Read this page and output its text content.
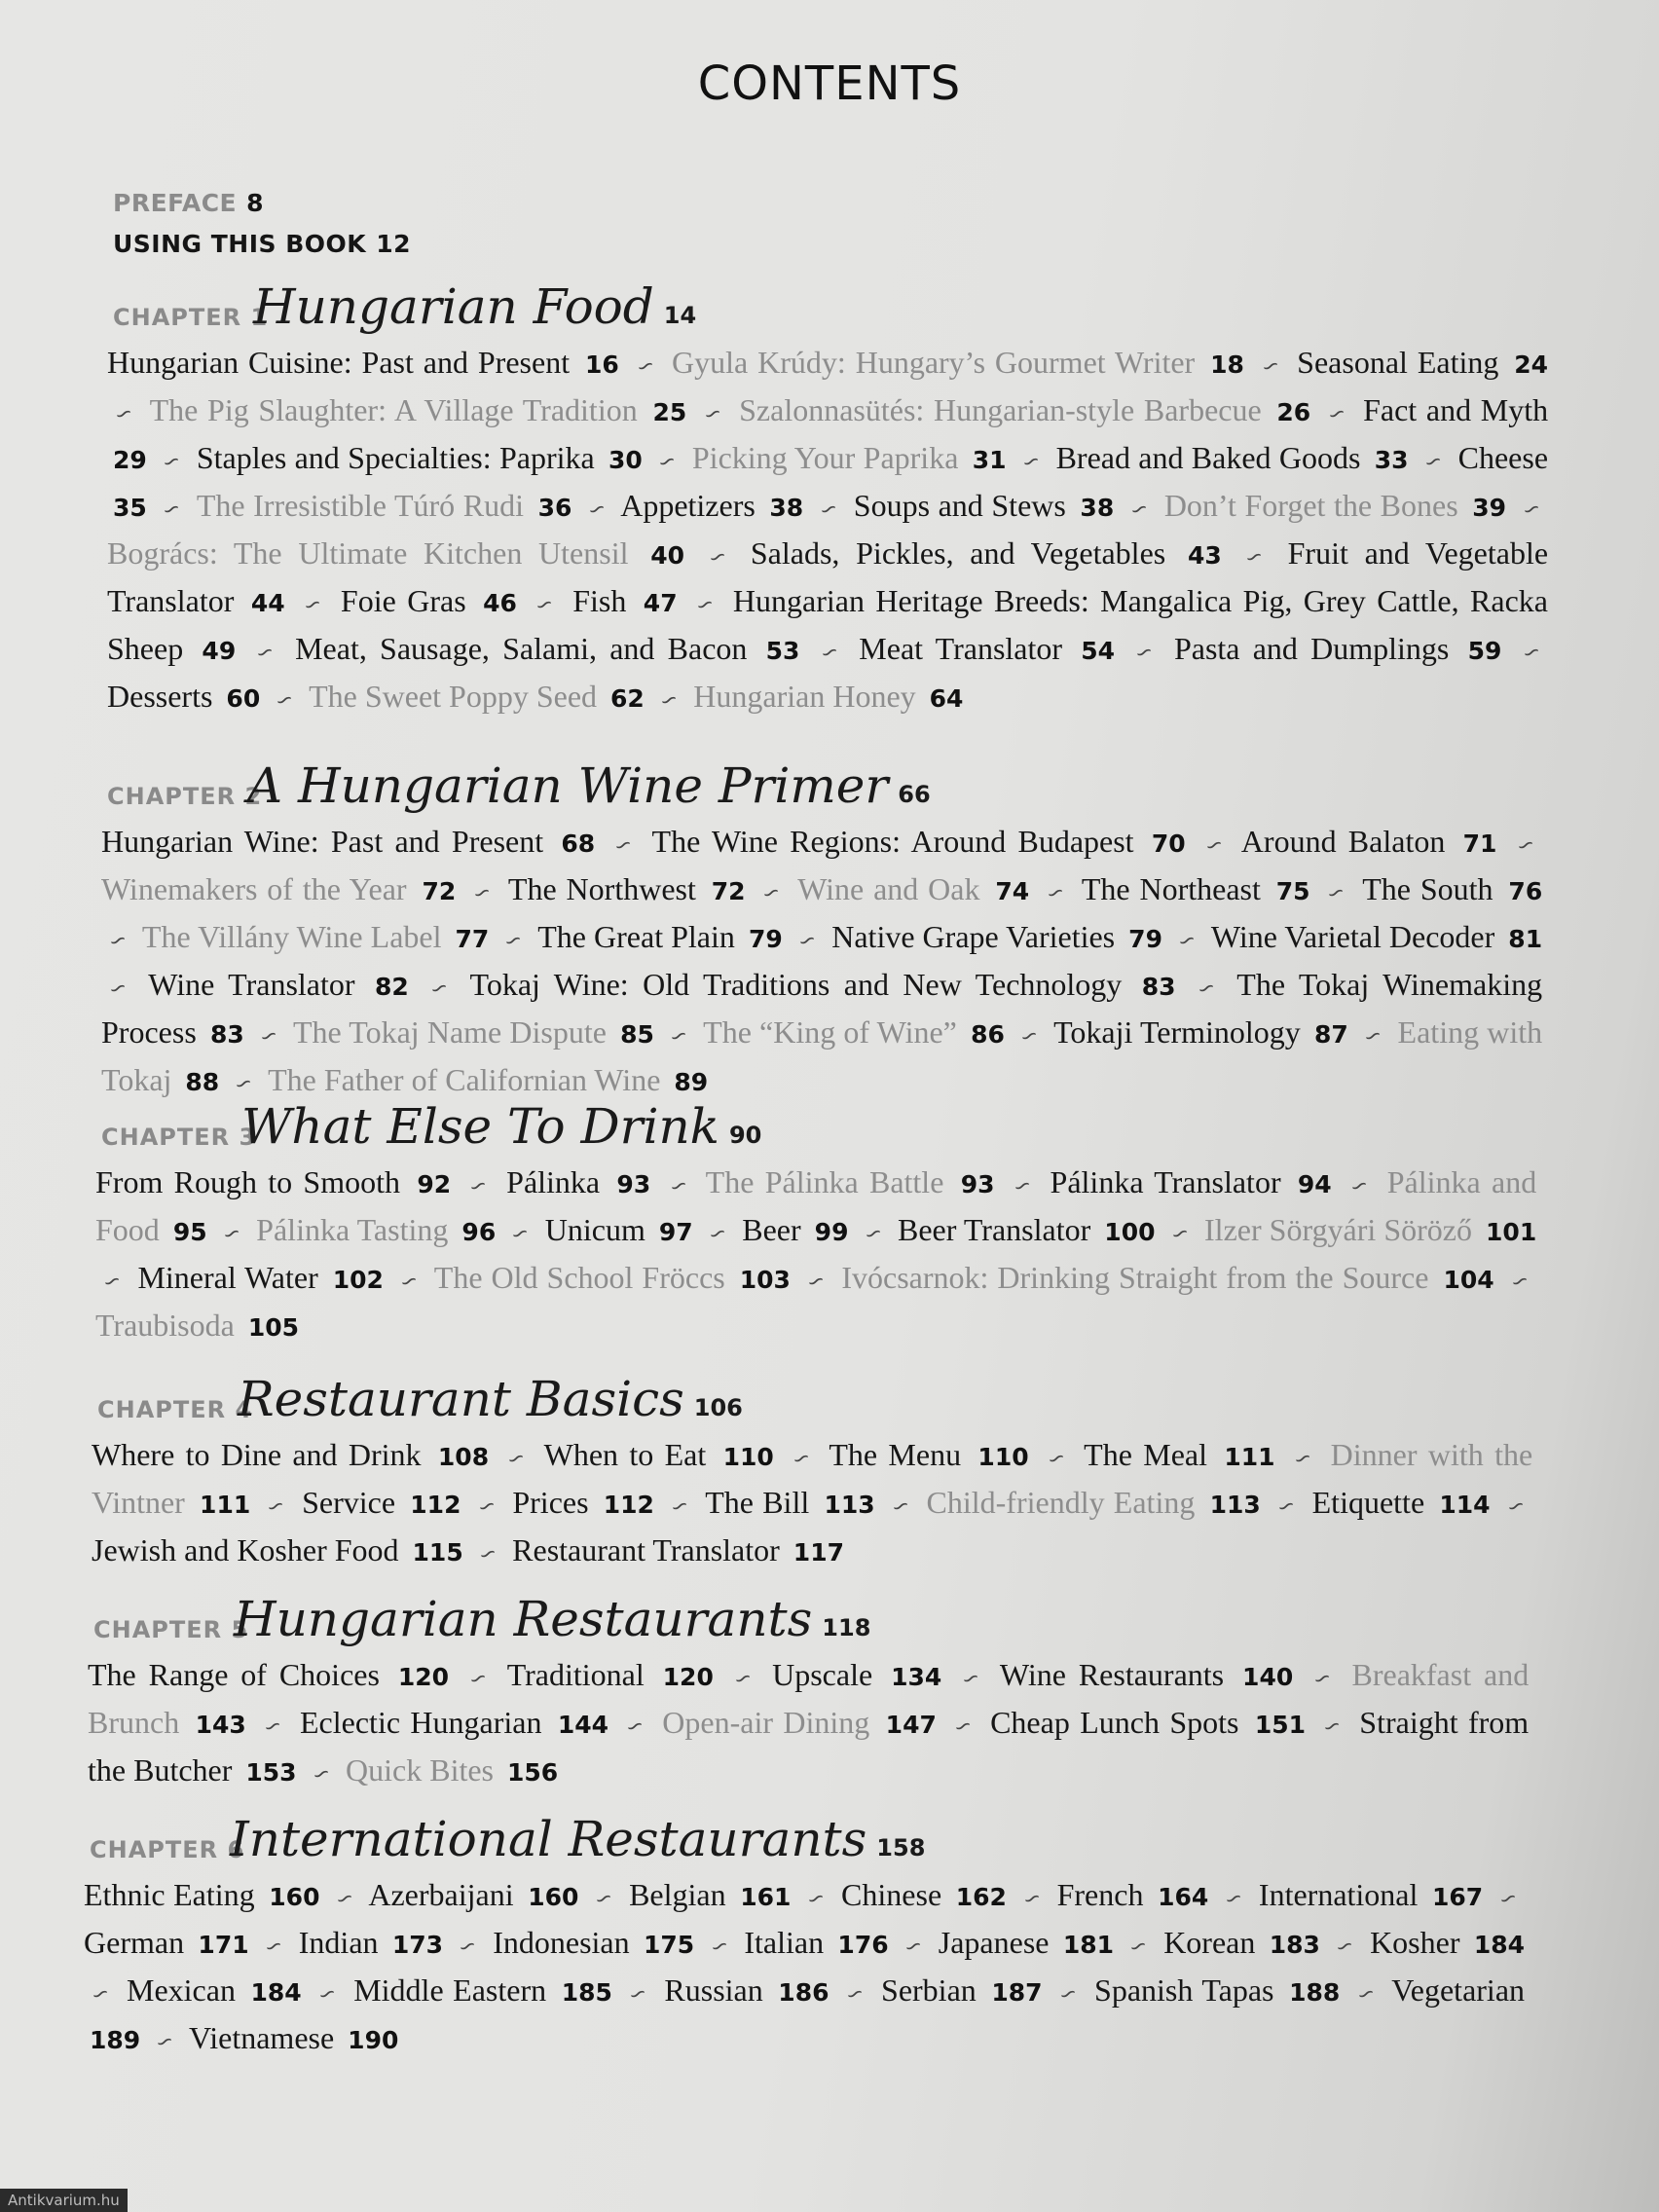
CONTENTS
PREFACE 8
USING THIS BOOK 12
CHAPTER 1
Hungarian Food 14
Hungarian Cuisine: Past and Present 16 ∽ Gyula Krúdy: Hungary’s Gourmet Writer 18 ∽ Seasonal Eating 24 ∽ The Pig Slaughter: A Village Tradition 25 ∽ Szalonnasütés: Hungarian-style Barbecue 26 ∽ Fact and Myth 29 ∽ Staples and Specialties: Paprika 30 ∽ Picking Your Paprika 31 ∽ Bread and Baked Goods 33 ∽ Cheese 35 ∽ The Irresistible Túró Rudi 36 ∽ Appetizers 38 ∽ Soups and Stews 38 ∽ Don’t Forget the Bones 39 ∽ Bogrács: The Ultimate Kitchen Utensil 40 ∽ Salads, Pickles, and Vegetables 43 ∽ Fruit and Vegetable Translator 44 ∽ Foie Gras 46 ∽ Fish 47 ∽ Hungarian Heritage Breeds: Mangalica Pig, Grey Cattle, Racka Sheep 49 ∽ Meat, Sausage, Salami, and Bacon 53 ∽ Meat Translator 54 ∽ Pasta and Dumplings 59 ∽ Desserts 60 ∽ The Sweet Poppy Seed 62 ∽ Hungarian Honey 64
CHAPTER 2
A Hungarian Wine Primer 66
Hungarian Wine: Past and Present 68 ∽ The Wine Regions: Around Budapest 70 ∽ Around Balaton 71 ∽ Winemakers of the Year 72 ∽ The Northwest 72 ∽ Wine and Oak 74 ∽ The Northeast 75 ∽ The South 76 ∽ The Villány Wine Label 77 ∽ The Great Plain 79 ∽ Native Grape Varieties 79 ∽ Wine Varietal Decoder 81 ∽ Wine Translator 82 ∽ Tokaj Wine: Old Traditions and New Technology 83 ∽ The Tokaj Winemaking Process 83 ∽ The Tokaj Name Dispute 85 ∽ The “King of Wine” 86 ∽ Tokaji Terminology 87 ∽ Eating with Tokaj 88 ∽ The Father of Californian Wine 89
CHAPTER 3
What Else To Drink 90
From Rough to Smooth 92 ∽ Pálinka 93 ∽ The Pálinka Battle 93 ∽ Pálinka Translator 94 ∽ Pálinka and Food 95 ∽ Pálinka Tasting 96 ∽ Unicum 97 ∽ Beer 99 ∽ Beer Translator 100 ∽ Ilzer Sörgyári Söröző 101 ∽ Mineral Water 102 ∽ The Old School Fröccs 103 ∽ Ivócsarnok: Drinking Straight from the Source 104 ∽ Traubisoda 105
CHAPTER 4
Restaurant Basics 106
Where to Dine and Drink 108 ∽ When to Eat 110 ∽ The Menu 110 ∽ The Meal 111 ∽ Dinner with the Vintner 111 ∽ Service 112 ∽ Prices 112 ∽ The Bill 113 ∽ Child-friendly Eating 113 ∽ Etiquette 114 ∽ Jewish and Kosher Food 115 ∽ Restaurant Translator 117
CHAPTER 5
Hungarian Restaurants 118
The Range of Choices 120 ∽ Traditional 120 ∽ Upscale 134 ∽ Wine Restaurants 140 ∽ Breakfast and Brunch 143 ∽ Eclectic Hungarian 144 ∽ Open-air Dining 147 ∽ Cheap Lunch Spots 151 ∽ Straight from the Butcher 153 ∽ Quick Bites 156
CHAPTER 6
International Restaurants 158
Ethnic Eating 160 ∽ Azerbaijani 160 ∽ Belgian 161 ∽ Chinese 162 ∽ French 164 ∽ International 167 ∽ German 171 ∽ Indian 173 ∽ Indonesian 175 ∽ Italian 176 ∽ Japanese 181 ∽ Korean 183 ∽ Kosher 184 ∽ Mexican 184 ∽ Middle Eastern 185 ∽ Russian 186 ∽ Serbian 187 ∽ Spanish Tapas 188 ∽ Vegetarian 189 ∽ Vietnamese 190
Antikvarium.hu
